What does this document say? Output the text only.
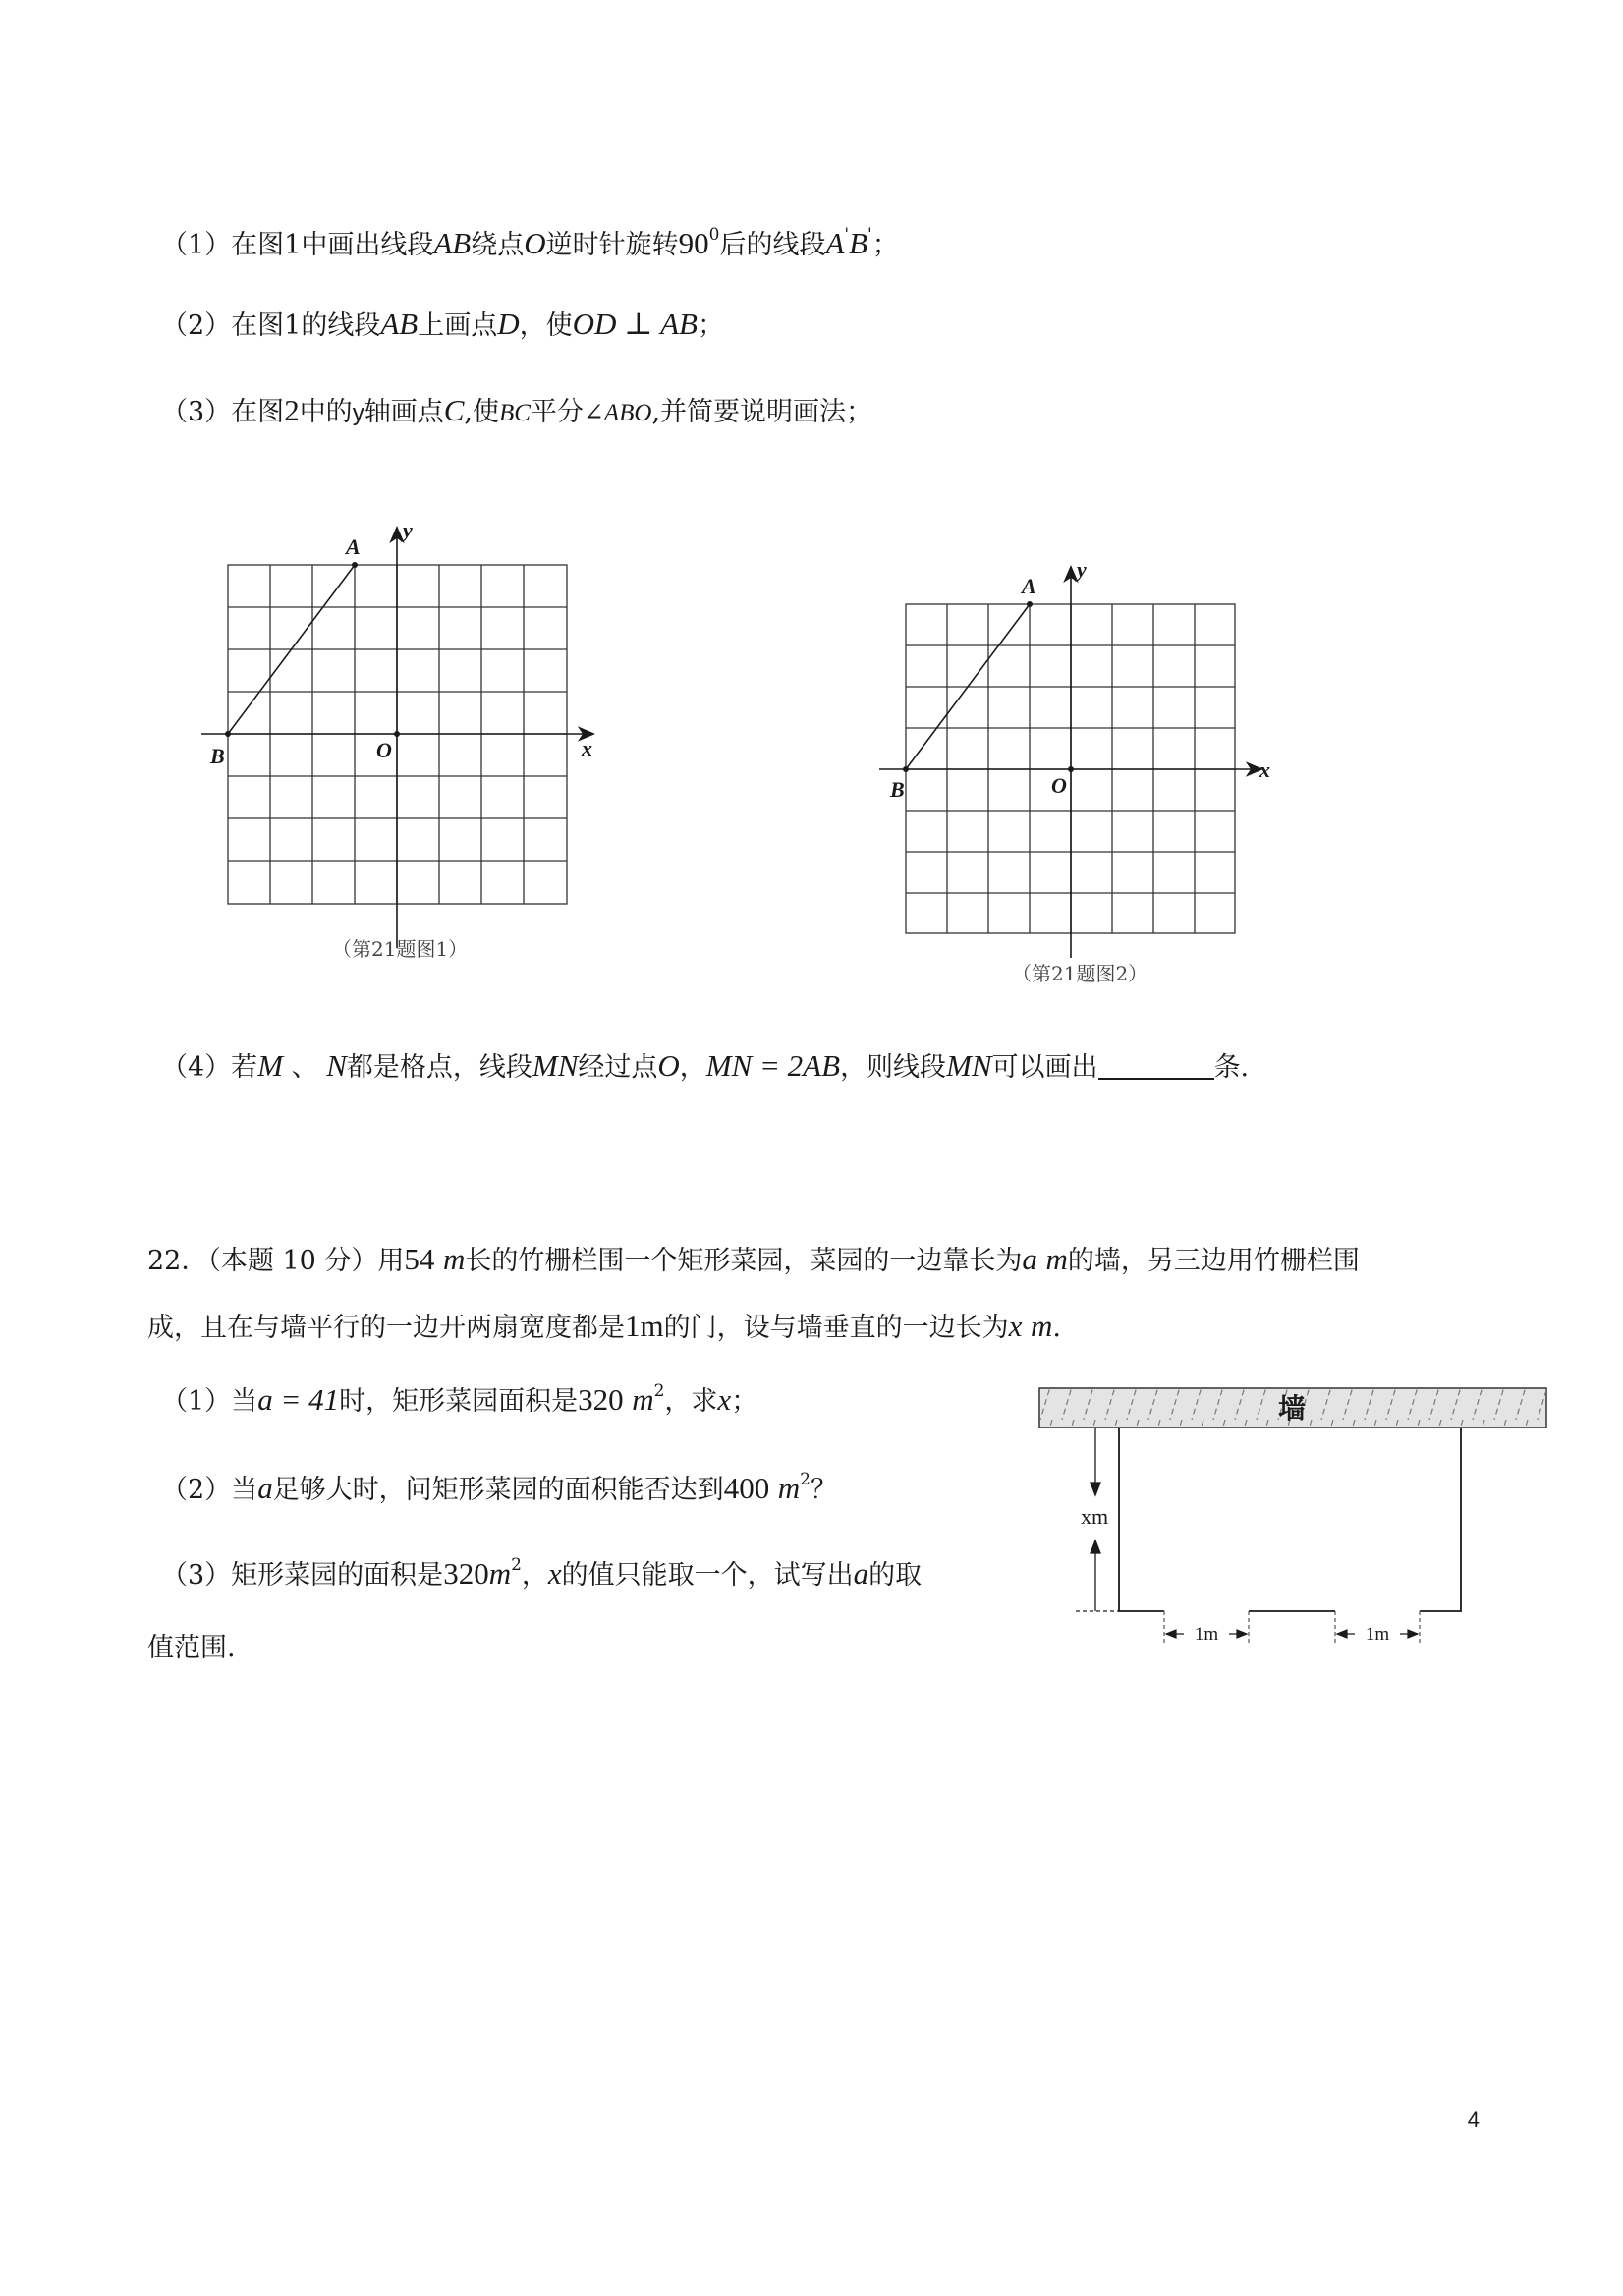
（1）在图1中画出线段AB绕点O逆时针旋转$90^0$后的线段A'B'；
（2）在图1的线段AB上画点D，使OD ⊥ AB；
（3）在图2中的y轴画点C,使BC平分∠ABO,并简要说明画法；
A
B	O	x
y
（第21题图1）
A
B	O
x
y
（第21题图2）
（4）若M 、 N都是格点，线段MN经过点O，MN = 2AB，则线段MN可以画出	条.
22．（本题 10 分）用54 m长的竹栅栏围一个矩形菜园，菜园的一边靠长为a m的墙，另三边用竹栅栏围
成，且在与墙平行的一边开两扇宽度都是1m的门，设与墙垂直的一边长为x m.
（1）当a = 41时，矩形菜园面积是320 $m^2$，求x；
（2）当a足够大时，问矩形菜园的面积能否达到400 $m^2$？
（3）矩形菜园的面积是$320m^2$，x的值只能取一个，试写出a的取
值范围.
墙
xm
1m	1m
4
